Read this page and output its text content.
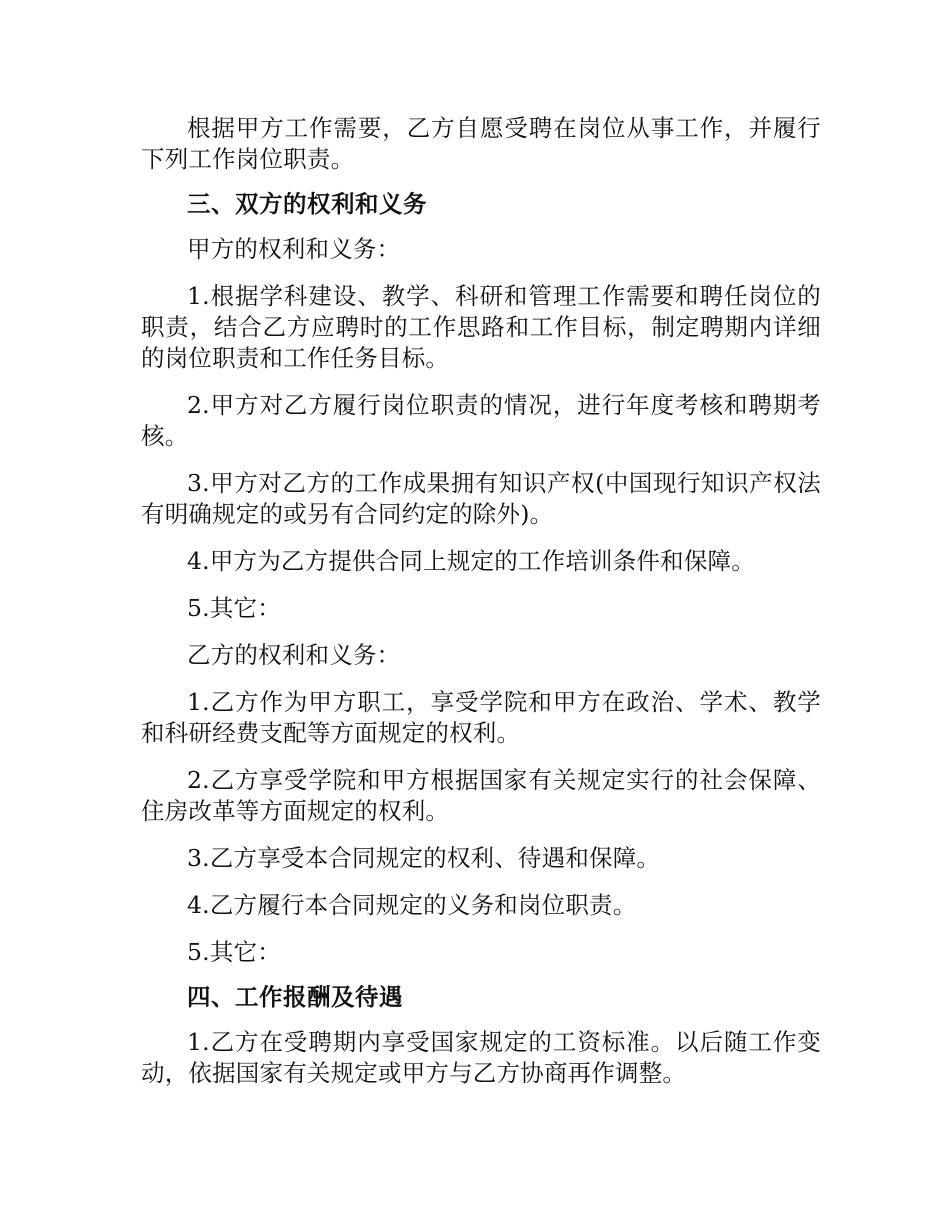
根据甲方工作需要，乙方自愿受聘在岗位从事工作，并履行下列工作岗位职责。

三、双方的权利和义务

甲方的权利和义务：

1.根据学科建设、教学、科研和管理工作需要和聘任岗位的职责，结合乙方应聘时的工作思路和工作目标，制定聘期内详细的岗位职责和工作任务目标。

2.甲方对乙方履行岗位职责的情况，进行年度考核和聘期考核。

3.甲方对乙方的工作成果拥有知识产权(中国现行知识产权法有明确规定的或另有合同约定的除外)。

4.甲方为乙方提供合同上规定的工作培训条件和保障。

5.其它：

乙方的权利和义务：

1.乙方作为甲方职工，享受学院和甲方在政治、学术、教学和科研经费支配等方面规定的权利。

2.乙方享受学院和甲方根据国家有关规定实行的社会保障、住房改革等方面规定的权利。

3.乙方享受本合同规定的权利、待遇和保障。

4.乙方履行本合同规定的义务和岗位职责。

5.其它：

四、工作报酬及待遇

1.乙方在受聘期内享受国家规定的工资标准。以后随工作变动，依据国家有关规定或甲方与乙方协商再作调整。
